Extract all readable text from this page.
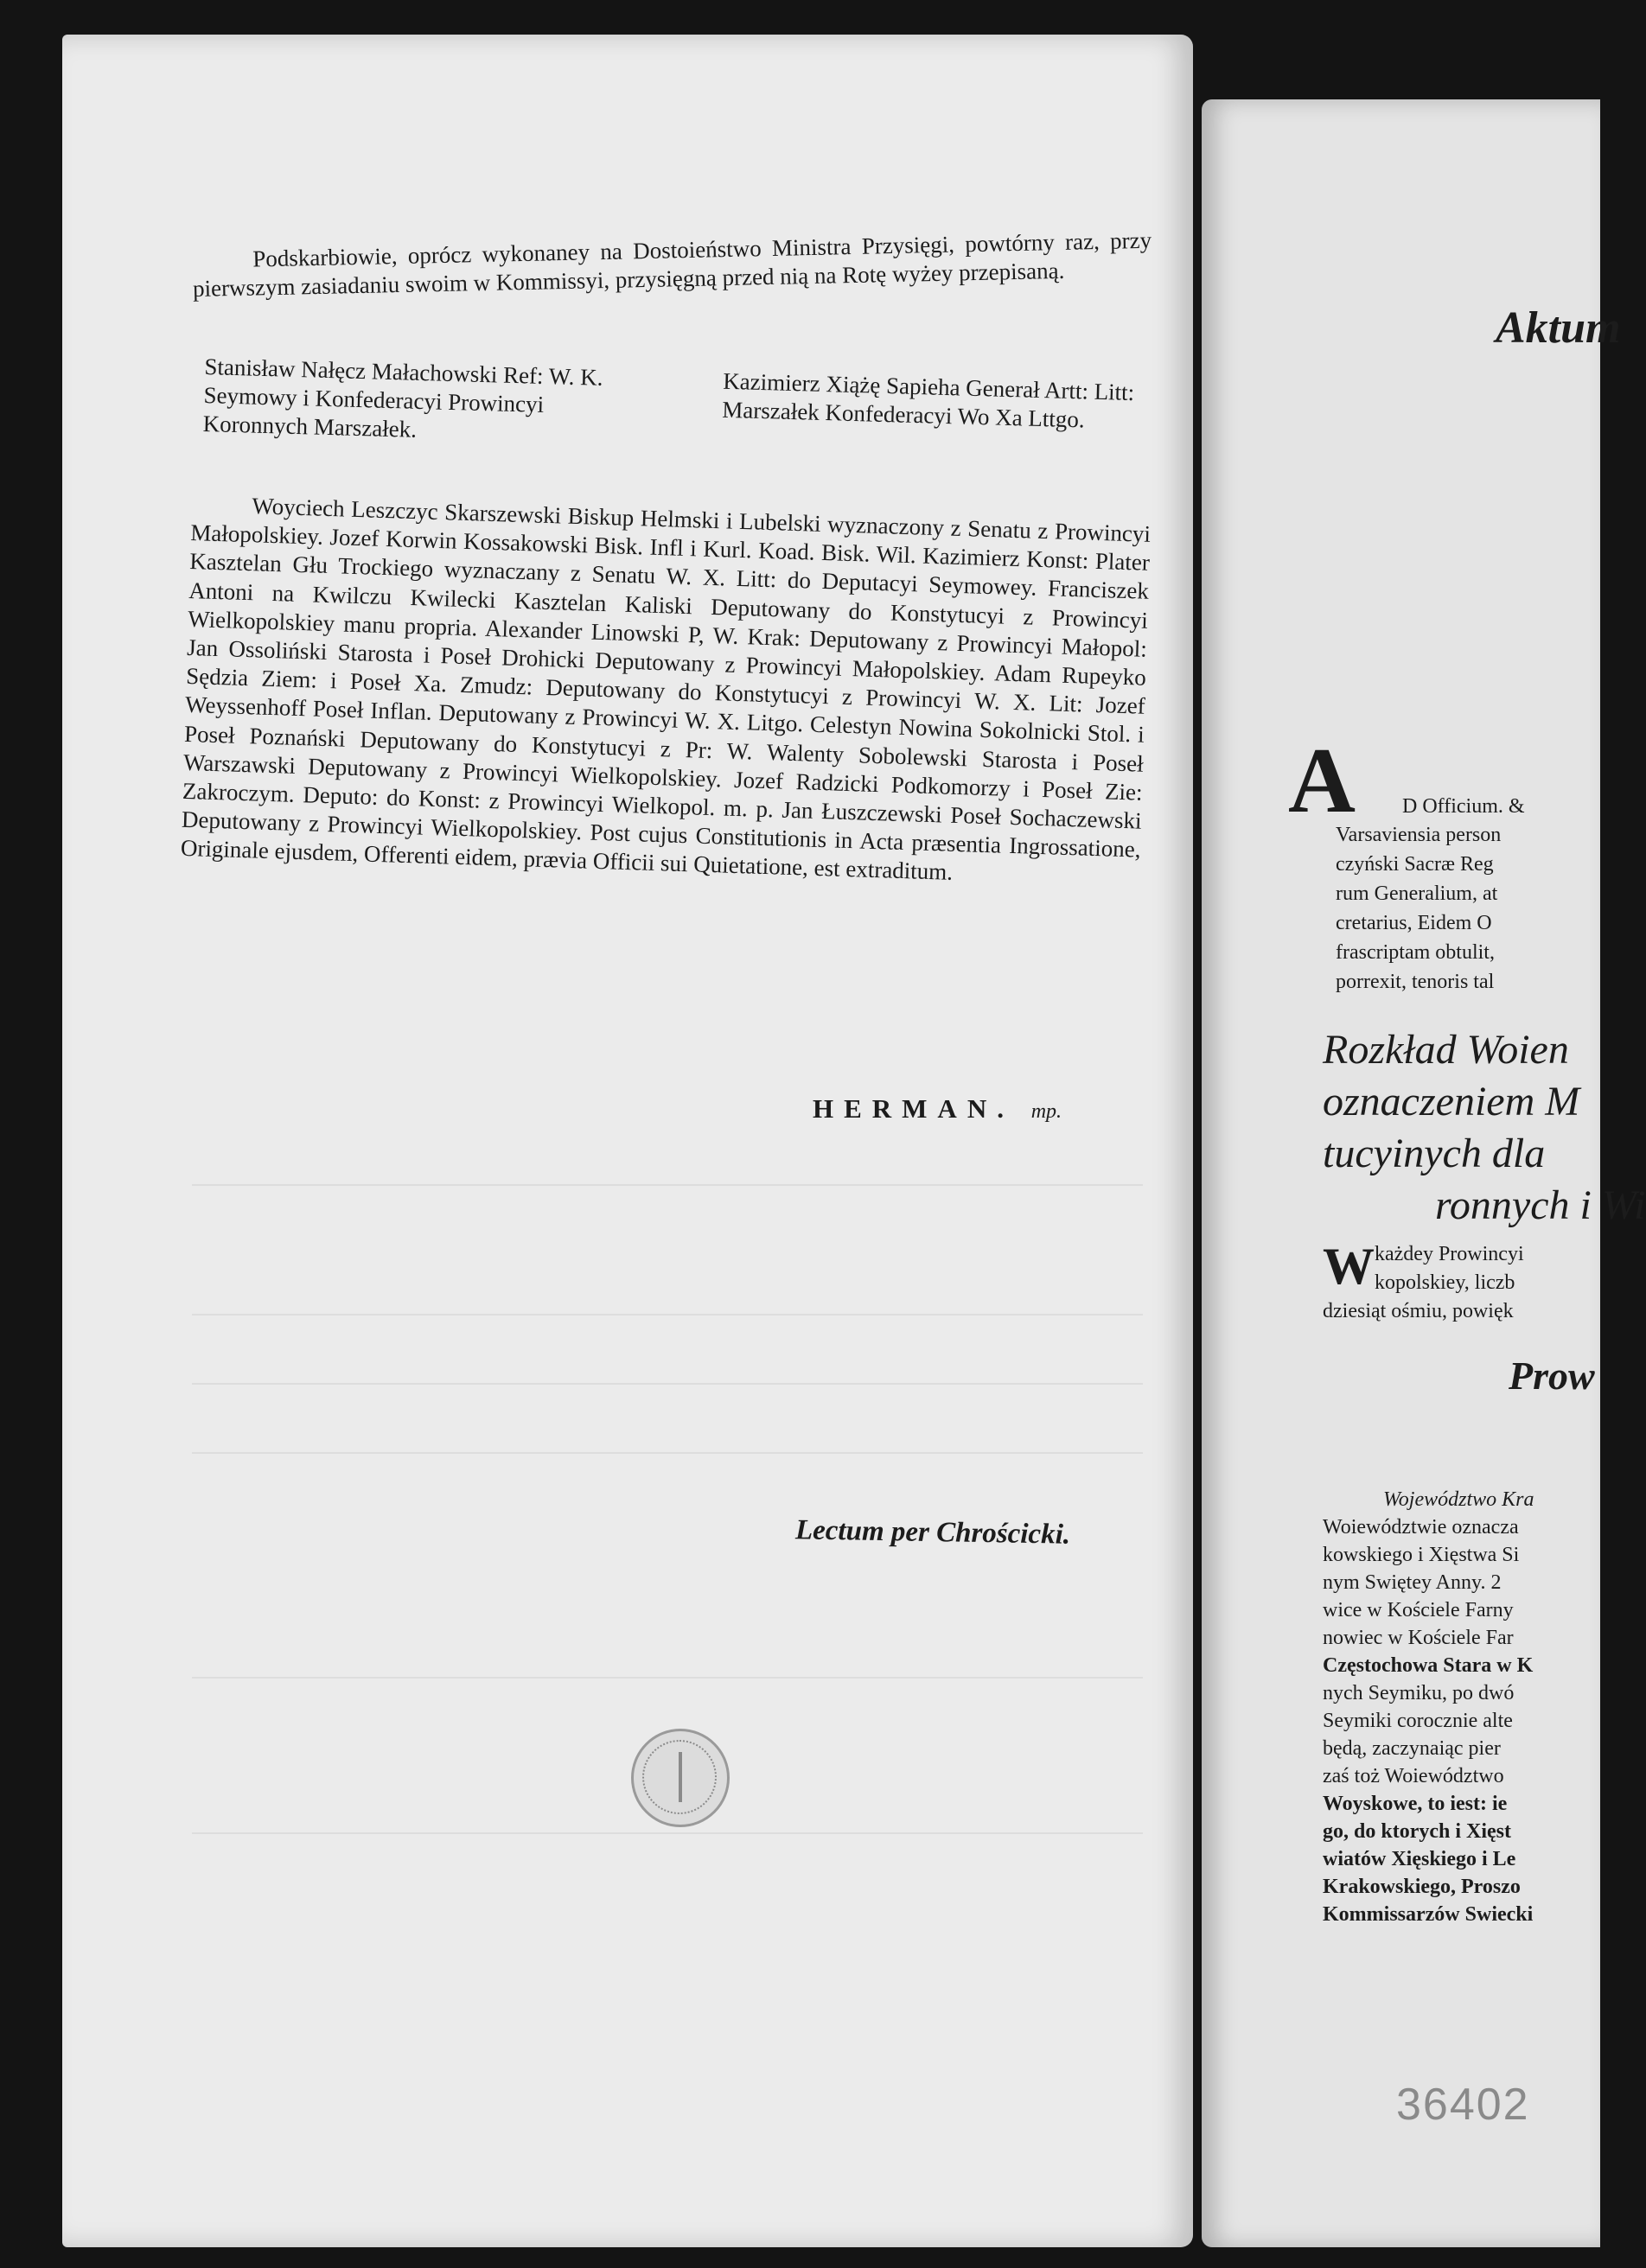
Podskarbiowie, oprócz wykonaney na Dostoieństwo Ministra Przysięgi, powtórny raz, przy pierwszym zasiadaniu swoim w Kommissyi, przysięgną przed nią na Rotę wyżey przepisaną.

Stanisław Nałęcz Małachowski Ref: W. K. Seymowy i Konfederacyi Prowincyi Koronnych Marszałek.
Kazimierz Xiążę Sapieha Generał Artt: Litt: Marszałek Konfederacyi Wo Xa Lttgo.

Woyciech Leszczyc Skarszewski Biskup Helmski i Lubelski wyznaczony z Senatu z Prowincyi Małopolskiey. Jozef Korwin Kossakowski Bisk. Infl i Kurl. Koad. Bisk. Wil. Kazimierz Konst: Plater Kasztelan Głu Trockiego wyznaczany z Senatu W. X. Litt: do Deputacyi Seymowey. Franciszek Antoni na Kwilczu Kwilecki Kasztelan Kaliski Deputowany do Konstytucyi z Prowincyi Wielkopolskiey manu propria. Alexander Linowski P, W. Krak: Deputowany z Prowincyi Małopol: Jan Ossoliński Starosta i Poseł Drohicki Deputowany z Prowincyi Małopolskiey. Adam Rupeyko Sędzia Ziem: i Poseł Xa. Zmudz: Deputowany do Konstytucyi z Prowincyi W. X. Lit: Jozef Weyssenhoff Poseł Inflan. Deputowany z Prowincyi W. X. Litgo. Celestyn Nowina Sokolnicki Stol. i Poseł Poznański Deputowany do Konstytucyi z Pr: W. Walenty Sobolewski Starosta i Poseł Warszawski Deputowany z Prowincyi Wielkopolskiey. Jozef Radzicki Podkomorzy i Poseł Zie: Zakroczym. Deputo: do Konst: z Prowincyi Wielkopol. m. p. Jan Łuszczewski Poseł Sochaczewski Deputowany z Prowincyi Wielkopolskiey. Post cujus Constitutionis in Acta præsentia Ingrossatione, Originale ejusdem, Offerenti eidem, prævia Officii sui Quietatione, est extraditum.

HERMAN. mp.
Lectum per Chrościcki.
Aktum
A D Officium. &
Varsaviensia person
czyński Sacræ Reg
rum Generalium, at
cretarius, Eidem O
frascriptam obtulit,
porrexit, tenoris tal
Rozkład Woien
oznaczeniem M
tucyinych dla
ronnych i Wi
W każdey Prowincyi
kopolskiey, liczb
dziesiąt ośmiu, powięk
Prow
Województwo Kra
Woiewództwie oznacza
kowskiego i Xięstwa Si
nym Swiętey Anny. 2
wice w Kościele Farny
nowiec w Kościele Far
Częstochowa Stara w K
nych Seymiku, po dwó
Seymiki corocznie alte
będą, zaczynaiąc pier
zaś toż Woiewództwo
Woyskowe, to iest: ie
go, do ktorych i Xięst
wiatów Xięskiego i Le
Krakowskiego, Proszo
Kommissarzów Swiecki
36402
